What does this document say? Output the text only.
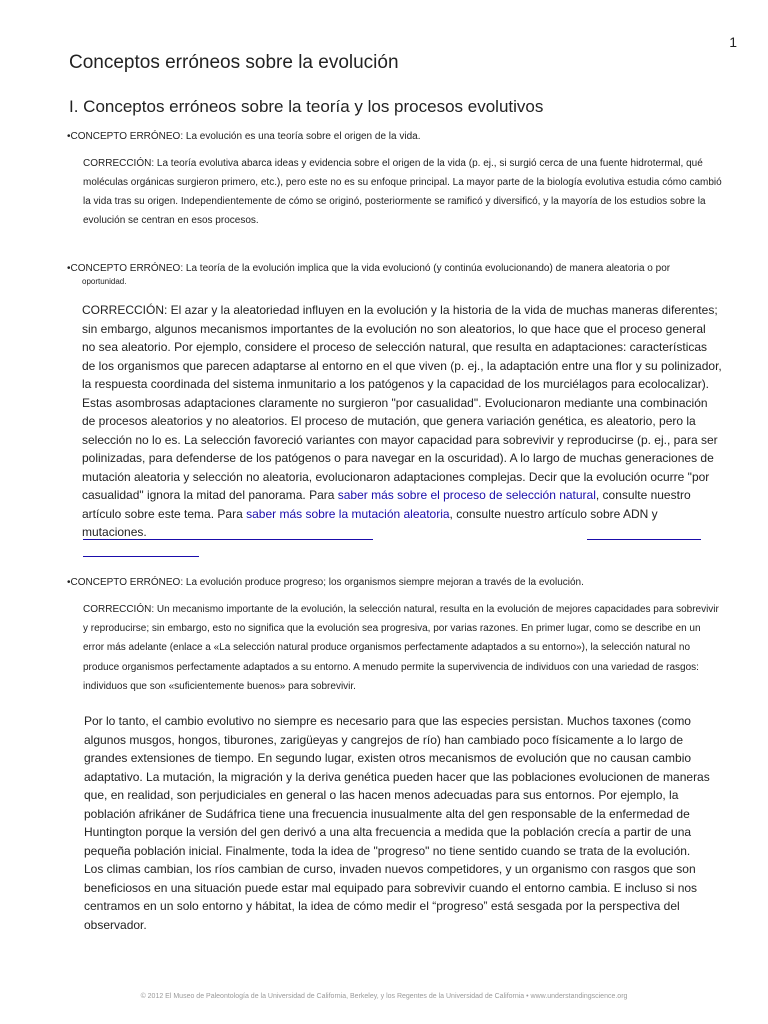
1
Conceptos erróneos sobre la evolución
I. Conceptos erróneos sobre la teoría y los procesos evolutivos
•CONCEPTO ERRÓNEO: La evolución es una teoría sobre el origen de la vida.

CORRECCIÓN: La teoría evolutiva abarca ideas y evidencia sobre el origen de la vida (p. ej., si surgió cerca de una fuente hidrotermal, qué moléculas orgánicas surgieron primero, etc.), pero este no es su enfoque principal. La mayor parte de la biología evolutiva estudia cómo cambió la vida tras su origen. Independientemente de cómo se originó, posteriormente se ramificó y diversificó, y la mayoría de los estudios sobre la evolución se centran en esos procesos.

•CONCEPTO ERRÓNEO: La teoría de la evolución implica que la vida evolucionó (y continúa evolucionando) de manera aleatoria o por
oportunidad.

CORRECCIÓN: El azar y la aleatoriedad influyen en la evolución y la historia de la vida de muchas maneras diferentes; sin embargo, algunos mecanismos importantes de la evolución no son aleatorios, lo que hace que el proceso general no sea aleatorio. Por ejemplo, considere el proceso de selección natural, que resulta en adaptaciones: características de los organismos que parecen adaptarse al entorno en el que viven (p. ej., la adaptación entre una flor y su polinizador, la respuesta coordinada del sistema inmunitario a los patógenos y la capacidad de los murciélagos para ecolocalizar). Estas asombrosas adaptaciones claramente no surgieron "por casualidad". Evolucionaron mediante una combinación de procesos aleatorios y no aleatorios. El proceso de mutación, que genera variación genética, es aleatorio, pero la selección no lo es. La selección favoreció variantes con mayor capacidad para sobrevivir y reproducirse (p. ej., para ser polinizadas, para defenderse de los patógenos o para navegar en la oscuridad). A lo largo de muchas generaciones de mutación aleatoria y selección no aleatoria, evolucionaron adaptaciones complejas. Decir que la evolución ocurre "por casualidad" ignora la mitad del panorama. Para saber más sobre el proceso de selección natural, consulte nuestro artículo sobre este tema. Para saber más sobre la mutación aleatoria, consulte nuestro artículo sobre ADN y mutaciones.

•CONCEPTO ERRÓNEO: La evolución produce progreso; los organismos siempre mejoran a través de la evolución.

CORRECCIÓN: Un mecanismo importante de la evolución, la selección natural, resulta en la evolución de mejores capacidades para sobrevivir y reproducirse; sin embargo, esto no significa que la evolución sea progresiva, por varias razones. En primer lugar, como se describe en un error más adelante (enlace a «La selección natural produce organismos perfectamente adaptados a su entorno»), la selección natural no produce organismos perfectamente adaptados a su entorno. A menudo permite la supervivencia de individuos con una variedad de rasgos: individuos que son «suficientemente buenos» para sobrevivir.

Por lo tanto, el cambio evolutivo no siempre es necesario para que las especies persistan. Muchos taxones (como algunos musgos, hongos, tiburones, zarigüeyas y cangrejos de río) han cambiado poco físicamente a lo largo de grandes extensiones de tiempo. En segundo lugar, existen otros mecanismos de evolución que no causan cambio adaptativo. La mutación, la migración y la deriva genética pueden hacer que las poblaciones evolucionen de maneras que, en realidad, son perjudiciales en general o las hacen menos adecuadas para sus entornos. Por ejemplo, la población afrikáner de Sudáfrica tiene una frecuencia inusualmente alta del gen responsable de la enfermedad de Huntington porque la versión del gen derivó a una alta frecuencia a medida que la población crecía a partir de una pequeña población inicial. Finalmente, toda la idea de "progreso" no tiene sentido cuando se trata de la evolución. Los climas cambian, los ríos cambian de curso, invaden nuevos competidores, y un organismo con rasgos que son beneficiosos en una situación puede estar mal equipado para sobrevivir cuando el entorno cambia. E incluso si nos centramos en un solo entorno y hábitat, la idea de cómo medir el “progreso” está sesgada por la perspectiva del observador.

© 2012 El Museo de Paleontología de la Universidad de California, Berkeley, y los Regentes de la Universidad de California • www.understandingscience.org
